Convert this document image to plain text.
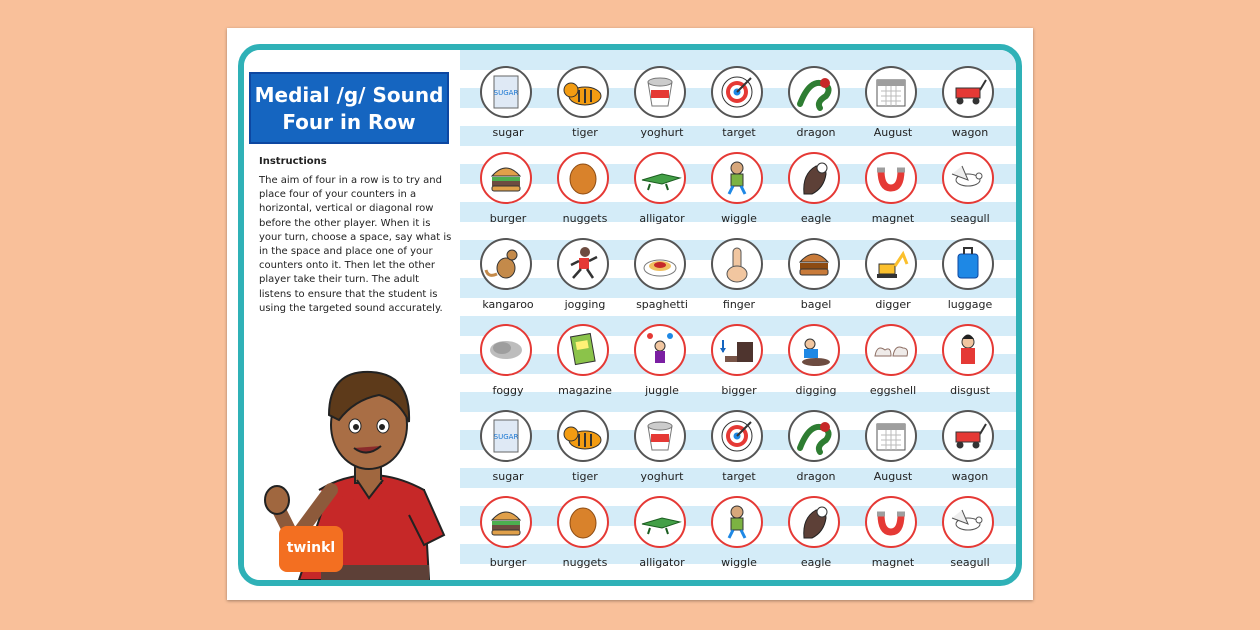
Medial /g/ Sound
Four in Row
Instructions
The aim of four in a row is to try and place four of your counters in a horizontal, vertical or diagonal row before the other player. When it is your turn, choose a space, say what is in the space and place one of your counters onto it. Then let the other player take their turn. The adult listens to ensure that the student is using the targeted sound accurately.
twinkl
SUGAR
sugar	tiger	yoghurt	target	dragon	August	wagon
burger	nuggets	alligator	wiggle	eagle	magnet	seagull
kangaroo	jogging	spaghetti	finger	bagel	digger	luggage
foggy	magazine	juggle	bigger	digging	eggshell	disgust
SUGAR
sugar	tiger	yoghurt	target	dragon	August	wagon
burger	nuggets	alligator	wiggle	eagle	magnet	seagull
